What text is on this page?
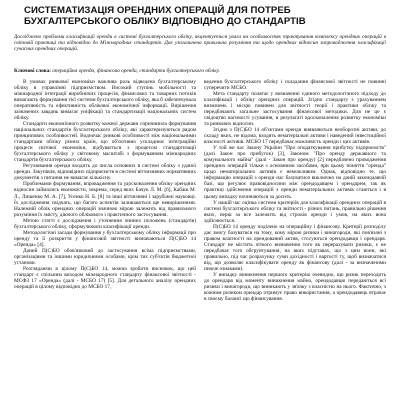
СИСТЕМАТИЗАЦІЯ ОРЕНДНИХ ОПЕРАЦІЙ ДЛЯ ПОТРЕБ БУХГАЛТЕРСЬКОГО ОБЛІКУ ВІДПОВІДНО ДО СТАНДАРТІВ
Досліджено проблеми класифікації оренди в системі бухгалтерського обліку, акцентується увага на особливостях трактування комплексу орендних операцій в світовій практиці та відповідно до Міжнародних стандартів. Дає узагальнена правильна розуміння та щодо орендних відносин запровадження класифікації сучасних орендних операцій.
Ключові слова: операційна оренда, фінансова оренда, стандарти бухгалтерського обліку.

В умовах ринкової економіки важлива роль відведена бухгалтерському обліку в управлінні підприємством. Високий ступінь мобільності та міжнародної інтеграції виробничих процесів, фінансових та товарних потоків вимагають формування тієї системи бухгалтерського обліку, яка б забезпечувала оперативність та ефективність облікової економічної інформації. Вирішення зазначених завдань вимагає уніфікації та стандартизації національних систем обліку.

Стандарти економічного розвитку кожної держави спричинила формування національних стандартів бухгалтерського обліку, які характеризуються рядом принципових особливостей. Водночас ринкові особливості між національними стандартами обліку різних країн, що об'єктивно ускладнює інтеграційні процеси світової економіки, відбувається з процесом стандартизації бухгалтерського обліку у світовому масштабі з формуванням міжнародних стандартів бухгалтерського обліку.

Регулювання оренди входить до числа основних в системі обліку з уданої оренди. Закупівля, відповідних підприємств в системі вітчизняних нормативних документів з питання не вимагає кількісну.

Проблемами формування, впровадження та удосконалення обліку орендних відносин займались економісти, зокрема, серед яких Бачук Л. М. [6], Кабаш М. Л., Лишенко М. А. [7], Усенко Н. Б. [8] та інші вітчизняні і зарубіжні науковці. Їх дослідження свідчать, що багато аспектів залишаються ще невирішеними. Належній облік орендних операцій значною мірою залежить від правильного розуміння їх змісту, діючого облікового і практичного застосування.

Метою статті є дослідження і уточнення чинних положень (стандартів) бухгалтерського обліку, сформулювати класифікації оренди.

Методологічні засади формування у бухгалтерському обліку інформації про оренду та її розкриття у фінансовій звітності визначаються П(С)БО 14 «Оренда» [4].

Даний П(С)БО обов'язковий до застосування всіма підприємствами, організаціями та іншими юридичними особами, крім тих суб'єктів бюджетної установи.

Розглядаючи в цілому П(С)БО 14, можна зробити висновок, що цей стандарт є спільним виходом міжнародного стандарту фінансової звітності - МСФЗ 17 «Оренда» (далі - МСБО 17) [5]. Для детального аналізу орендних операцій в цілому відповідно до МСБО 17,

ведення бухгалтерського обліку і складання фінансової звітності не повинні суперечити МСБО.

Мета стандарту полягає у визначенні єдиного методологічного підходу до класифікації і обліку орендних операцій. Згідно стандарту з урахуванням визначень і місцю повинен для звітності теорії і практики обліку та передбачають загальне застосування фінансової методики. Для не це є свідоцтво вагомості усування, в результаті вдосконалення розвитку економіки та ринкових відносин.

Згідно з П(С)БО 14 об'єктами оренди виявляються необоротні активи, до складу яких, не відома, входять нематеріальні активи і наведений інвестиційної власності активів. МСБО 17 передбачає можливість оренди і цих активів.

У той же час Закону України "Про оподаткування прибутку підприємств" (далі Закон про прибуток) [3], Законом "Про оренду державного та комунального майна" (далі - Закон про оренду) [2] передбачено проводження орендних операцій тільки з основними засобами, при цьому поняття "оренда" щодо нематеріальних активів є неможливим. Однак, відповідно те, що інформацію операцій з оренди нас базуватися виключно на даній законодавчій базі, що регулює правовідносини між орендодавцем і орендарем, так як практиці здійснення операцій з оренди нематеріальних активів стаються і в цьому випадку починаються за досить.

У нашій час оцінка системи критеріїв для класифікації орендних операцій в системі бухгалтерського обліку та звітності - різних питань, правильно рішення яких, перш за все залежить від строків оренди і умов, на яких вона здійснюється.

П(С)БО 14 оренду поділено на операційну і фінансову. Критерії розподілу дає змогу базуватися на тому, кому мірою ризики і винагороди, які пов'язані з правом власності на орендований актив, стосуються орендодавця і орендаря. Стандарт не містить чіткого визначення того як перерахувати ризики, є не передбачає того обгрунтування, на яких підставах, що з цим вони, які правильно, під час розрахунку суми дохідності і вартості ту, щоб визначатися від, що дозволяє класифікувати оренду як фінансову (далі - за визначеними нижче ознаками).

У випадку виникнення першого критерію очевидно, що ризик переходить до орендаря від моменту виникнення майно, орендодавцю передаються всі ризики і винагороди, що виникають у зв'язку з власністю на нього. Фактично, з кожним ризиком орендар отримує право використання, а орендодавець втрачає в своєму балансі що фінансування.
